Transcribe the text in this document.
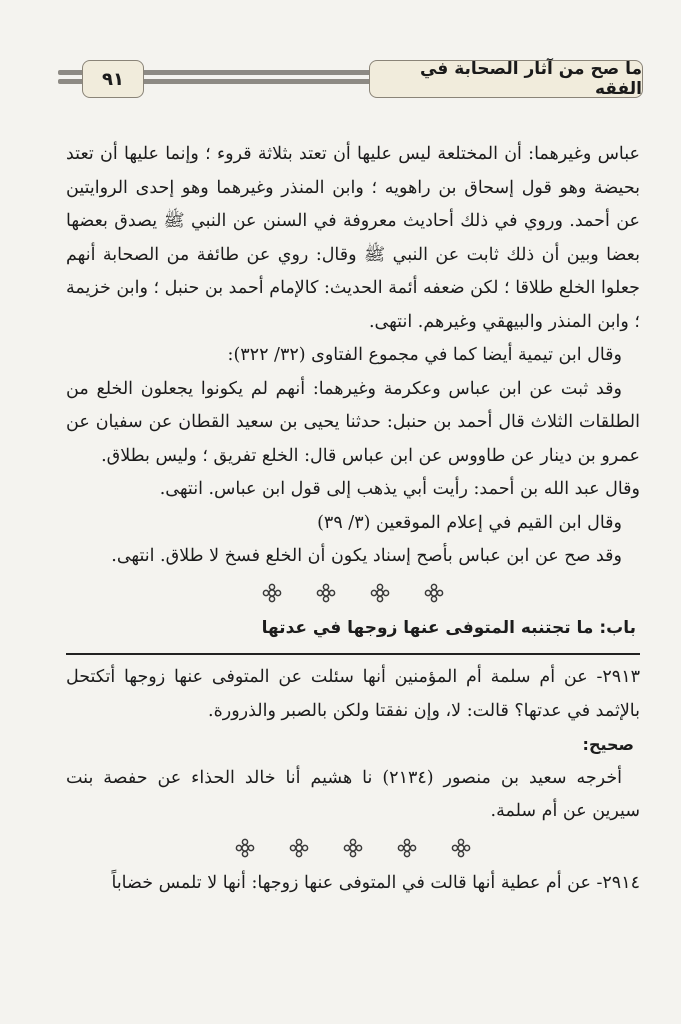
٩١	ما صح من آثار الصحابة في الفقه

عباس وغيرهما: أن المختلعة ليس عليها أن تعتد بثلاثة قروء ؛ وإنما عليها أن تعتد بحيضة وهو قول إسحاق بن راهويه ؛ وابن المنذر وغيرهما وهو إحدى الروايتين عن أحمد. وروي في ذلك أحاديث معروفة في السنن عن النبي ﷺ يصدق بعضها بعضا وبين أن ذلك ثابت عن النبي ﷺ وقال: روي عن طائفة من الصحابة أنهم جعلوا الخلع طلاقا ؛ لكن ضعفه أئمة الحديث: كالإمام أحمد بن حنبل ؛ وابن خزيمة ؛ وابن المنذر والبيهقي وغيرهم. انتهى.

وقال ابن تيمية أيضا كما في مجموع الفتاوى (٣٢/ ٣٢٢):

وقد ثبت عن ابن عباس وعكرمة وغيرهما: أنهم لم يكونوا يجعلون الخلع من الطلقات الثلاث قال أحمد بن حنبل: حدثنا يحيى بن سعيد القطان عن سفيان عن عمرو بن دينار عن طاووس عن ابن عباس قال: الخلع تفريق ؛ وليس بطلاق.

وقال عبد الله بن أحمد: رأيت أبي يذهب إلى قول ابن عباس. انتهى.

وقال ابن القيم في إعلام الموقعين (٣/ ٣٩)

وقد صح عن ابن عباس بأصح إسناد يكون أن الخلع فسخ لا طلاق. انتهى.

باب: ما تجتنبه المتوفى عنها زوجها في عدتها

٢٩١٣- عن أم سلمة أم المؤمنين أنها سئلت عن المتوفى عنها زوجها أتكتحل بالإثمد في عدتها؟ قالت: لا، وإن نفقتا ولكن بالصبر والذرورة.

صحيح:

أخرجه سعيد بن منصور (٢١٣٤) نا هشيم أنا خالد الحذاء عن حفصة بنت سيرين عن أم سلمة.

٢٩١٤- عن أم عطية أنها قالت في المتوفى عنها زوجها: أنها لا تلمس خضاباً
